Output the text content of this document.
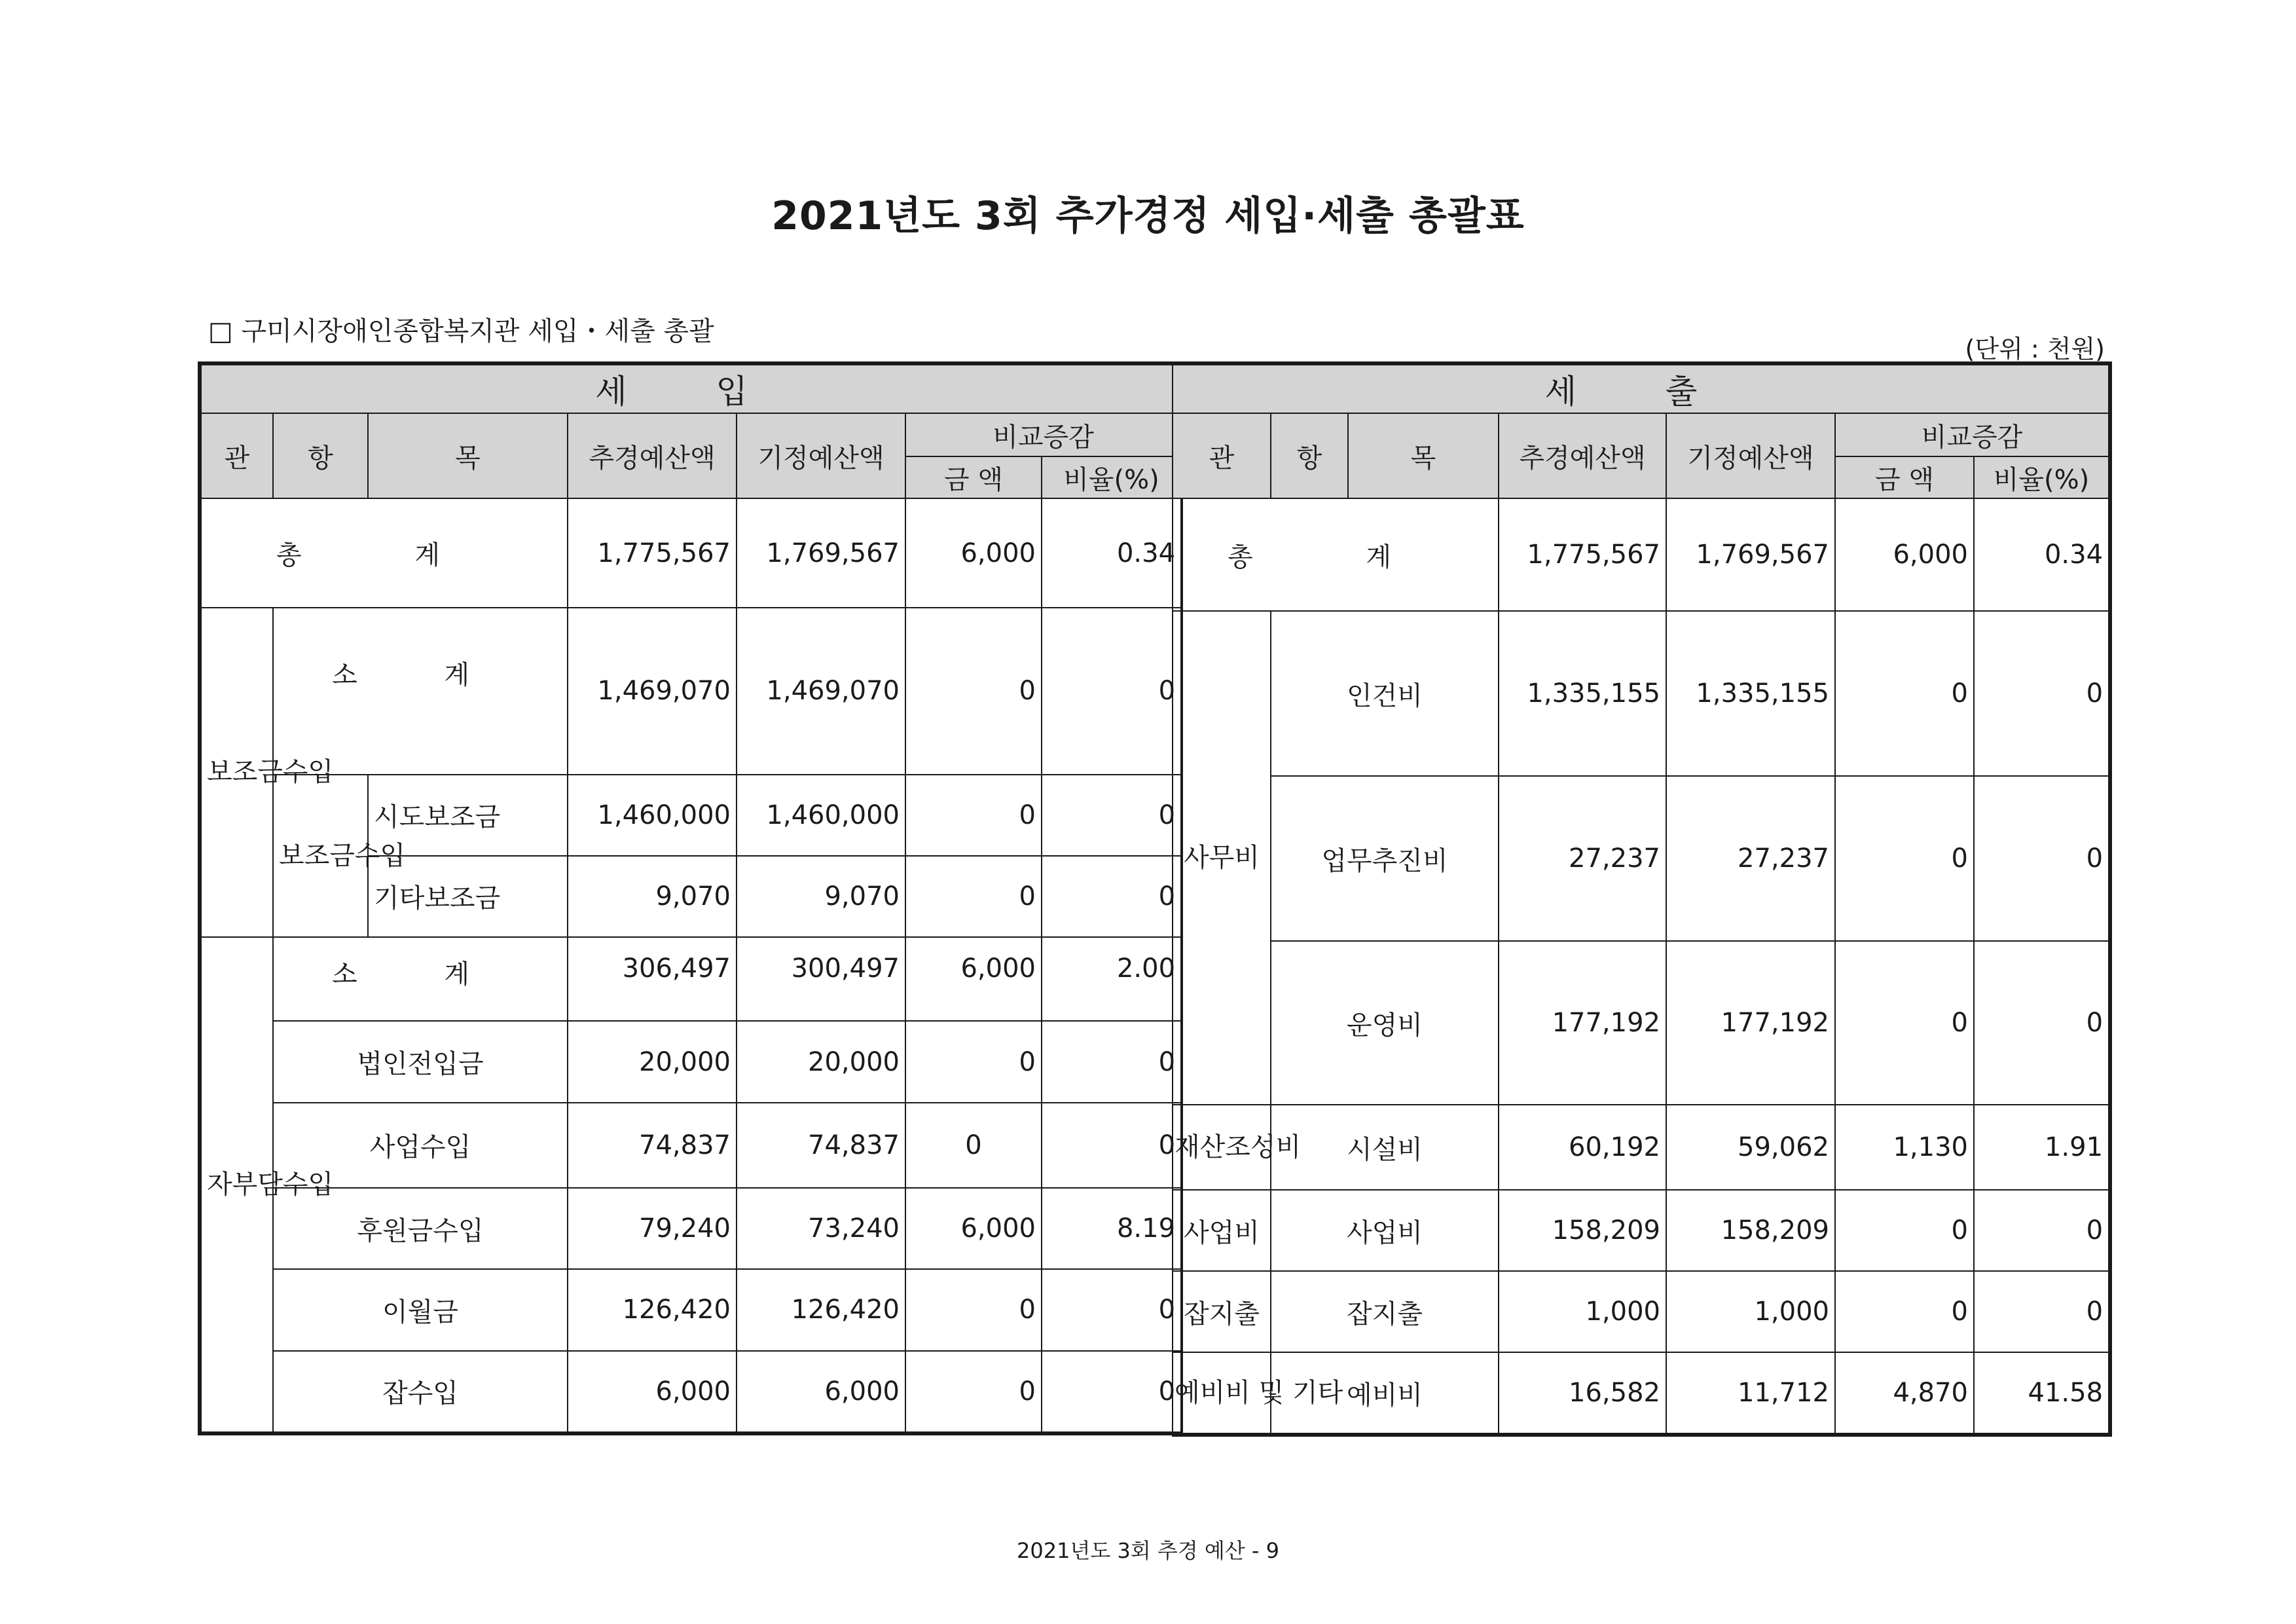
2021년도 3회 추가경정 세입·세출 총괄표
□ 구미시장애인종합복지관 세입・세출 총괄
(단위 : 천원)
세 입						
관	항	목	추경예산액	기정예산액	비교증감	
					금 액	비율(%)
총 계			1,775,567	1,769,567	6,000	0.34
보조금수입	소 계		1,469,070	1,469,070	0	0
	보조금수입	시도보조금	1,460,000	1,460,000	0	0
		기타보조금	9,070	9,070	0	0
자부담수입	소 계		306,497	300,497	6,000	2.00
	법인전입금		20,000	20,000	0	0
	사업수입		74,837	74,837	0	0
	후원금수입		79,240	73,240	6,000	8.19
	이월금		126,420	126,420	0	0
	잡수입		6,000	6,000	0	0
세 출						
관	항	목	추경예산액	기정예산액	비교증감	
					금 액	비율(%)
총 계			1,775,567	1,769,567	6,000	0.34
사무비	인건비		1,335,155	1,335,155	0	0
	업무추진비		27,237	27,237	0	0
	운영비		177,192	177,192	0	0
재산조성비	시설비		60,192	59,062	1,130	1.91
사업비	사업비		158,209	158,209	0	0
잡지출	잡지출		1,000	1,000	0	0
예비비 및 기타	예비비		16,582	11,712	4,870	41.58
2021년도 3회 추경 예산 - 9
